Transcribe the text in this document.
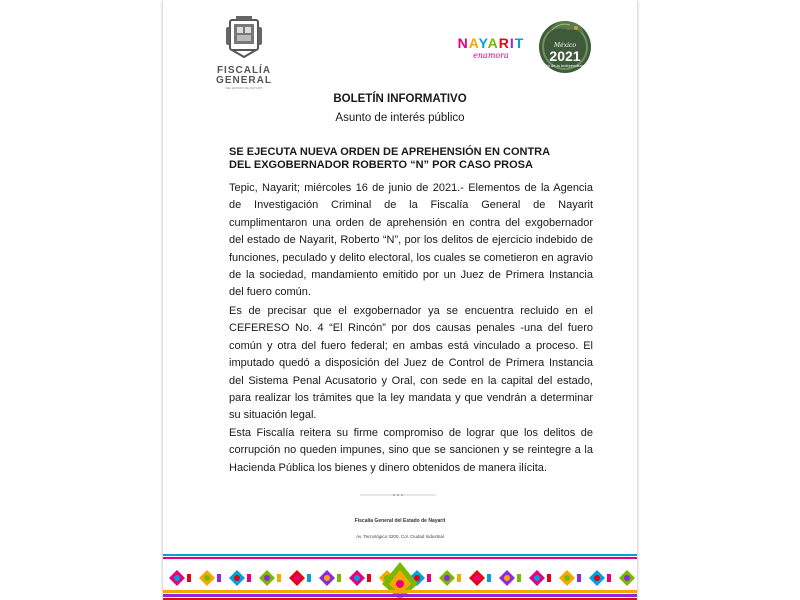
FISCALÍA
GENERAL
DEL ESTADO DE NAYARIT
NAYARIT
enamora
México
2021
Año de la Independencia
BOLETÍN INFORMATIVO
Asunto de interés público
SE EJECUTA NUEVA ORDEN DE APREHENSIÓN EN CONTRA DEL EXGOBERNADOR ROBERTO “N” POR CASO PROSA

Tepic, Nayarit; miércoles 16 de junio de 2021.- Elementos de la Agencia de Investigación Criminal de la Fiscalía General de Nayarit cumplimentaron una orden de aprehensión en contra del exgobernador del estado de Nayarit, Roberto “N”, por los delitos de ejercicio indebido de funciones, peculado y delito electoral, los cuales se cometieron en agravio de la sociedad, mandamiento emitido por un Juez de Primera Instancia del fuero común.

Es de precisar que el exgobernador ya se encuentra recluido en el CEFERESO No. 4 “El Rincón” por dos causas penales -una del fuero común y otra del fuero federal; en ambas está vinculado a proceso. El imputado quedó a disposición del Juez de Control de Primera Instancia del Sistema Penal Acusatorio y Oral, con sede en la capital del estado, para realizar los trámites que la ley mandata y que vendrán a determinar su situación legal.

Esta Fiscalía reitera su firme compromiso de lograr que los delitos de corrupción no queden impunes, sino que se sancionen y se reintegre a la Hacienda Pública los bienes y dinero obtenidos de manera ilícita.

Fiscalía General del Estado de Nayarit
Av. Tecnológico 3200, Col. Ciudad Industrial
